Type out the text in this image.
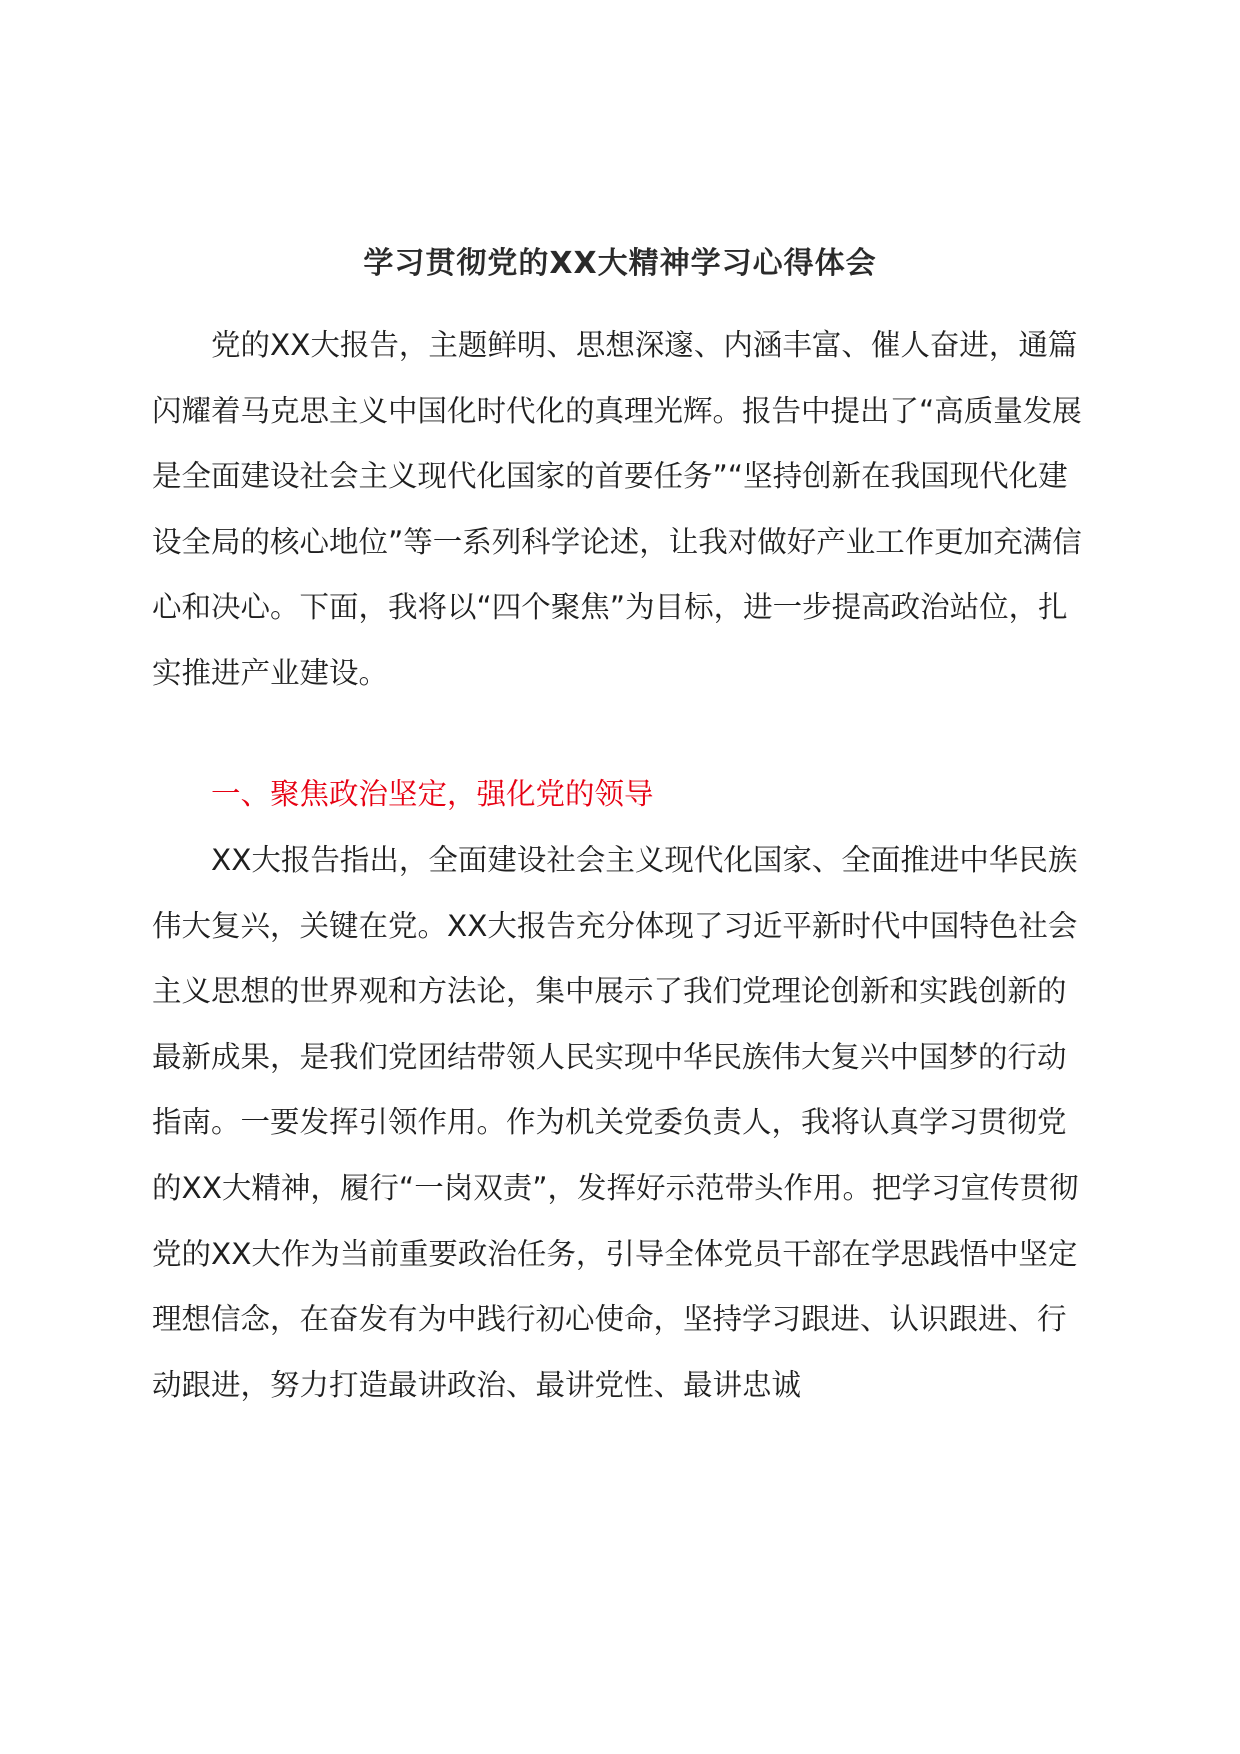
学习贯彻党的XX大精神学习心得体会

党的XX大报告，主题鲜明、思想深邃、内涵丰富、催人奋进，通篇闪耀着马克思主义中国化时代化的真理光辉。报告中提出了“高质量发展是全面建设社会主义现代化国家的首要任务”“坚持创新在我国现代化建设全局的核心地位”等一系列科学论述，让我对做好产业工作更加充满信心和决心。下面，我将以“四个聚焦”为目标，进一步提高政治站位，扎实推进产业建设。

一、聚焦政治坚定，强化党的领导

XX大报告指出，全面建设社会主义现代化国家、全面推进中华民族伟大复兴，关键在党。XX大报告充分体现了习近平新时代中国特色社会主义思想的世界观和方法论，集中展示了我们党理论创新和实践创新的最新成果，是我们党团结带领人民实现中华民族伟大复兴中国梦的行动指南。一要发挥引领作用。作为机关党委负责人，我将认真学习贯彻党的XX大精神，履行“一岗双责”，发挥好示范带头作用。把学习宣传贯彻党的XX大作为当前重要政治任务，引导全体党员干部在学思践悟中坚定理想信念，在奋发有为中践行初心使命，坚持学习跟进、认识跟进、行动跟进，努力打造最讲政治、最讲党性、最讲忠诚
